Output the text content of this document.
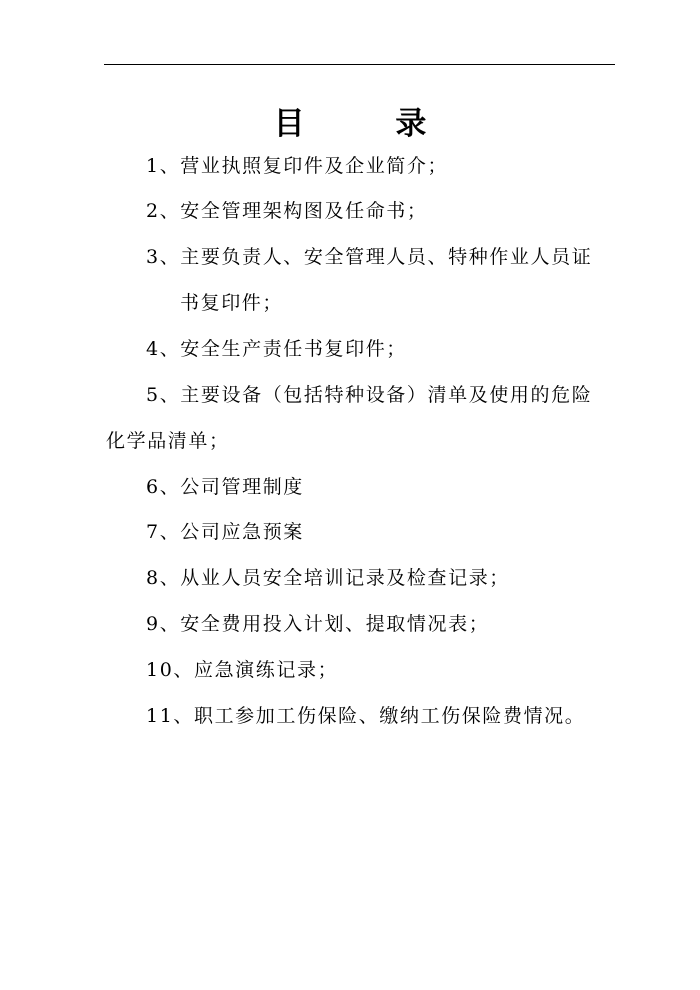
目 录
1、营业执照复印件及企业简介；
2、安全管理架构图及任命书；
3、主要负责人、安全管理人员、特种作业人员证
书复印件；
4、安全生产责任书复印件；
5、主要设备（包括特种设备）清单及使用的危险
化学品清单；
6、公司管理制度
7、公司应急预案
8、从业人员安全培训记录及检查记录；
9、安全费用投入计划、提取情况表；
10、应急演练记录；
11、职工参加工伤保险、缴纳工伤保险费情况。
